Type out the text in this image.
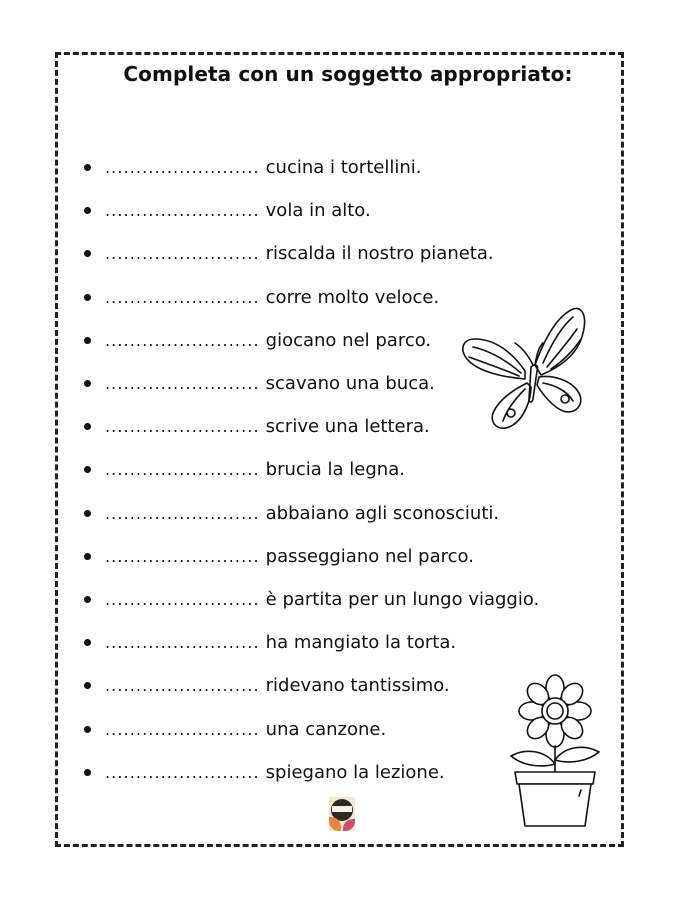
Completa con un soggetto appropriato:
......................... cucina i tortellini.
......................... vola in alto.
......................... riscalda il nostro pianeta.
......................... corre molto veloce.
......................... giocano nel parco.
......................... scavano una buca.
......................... scrive una lettera.
......................... brucia la legna.
......................... abbaiano agli sconosciuti.
......................... passeggiano nel parco.
......................... è partita per un lungo viaggio.
......................... ha mangiato la torta.
......................... ridevano tantissimo.
......................... una canzone.
......................... spiegano la lezione.
